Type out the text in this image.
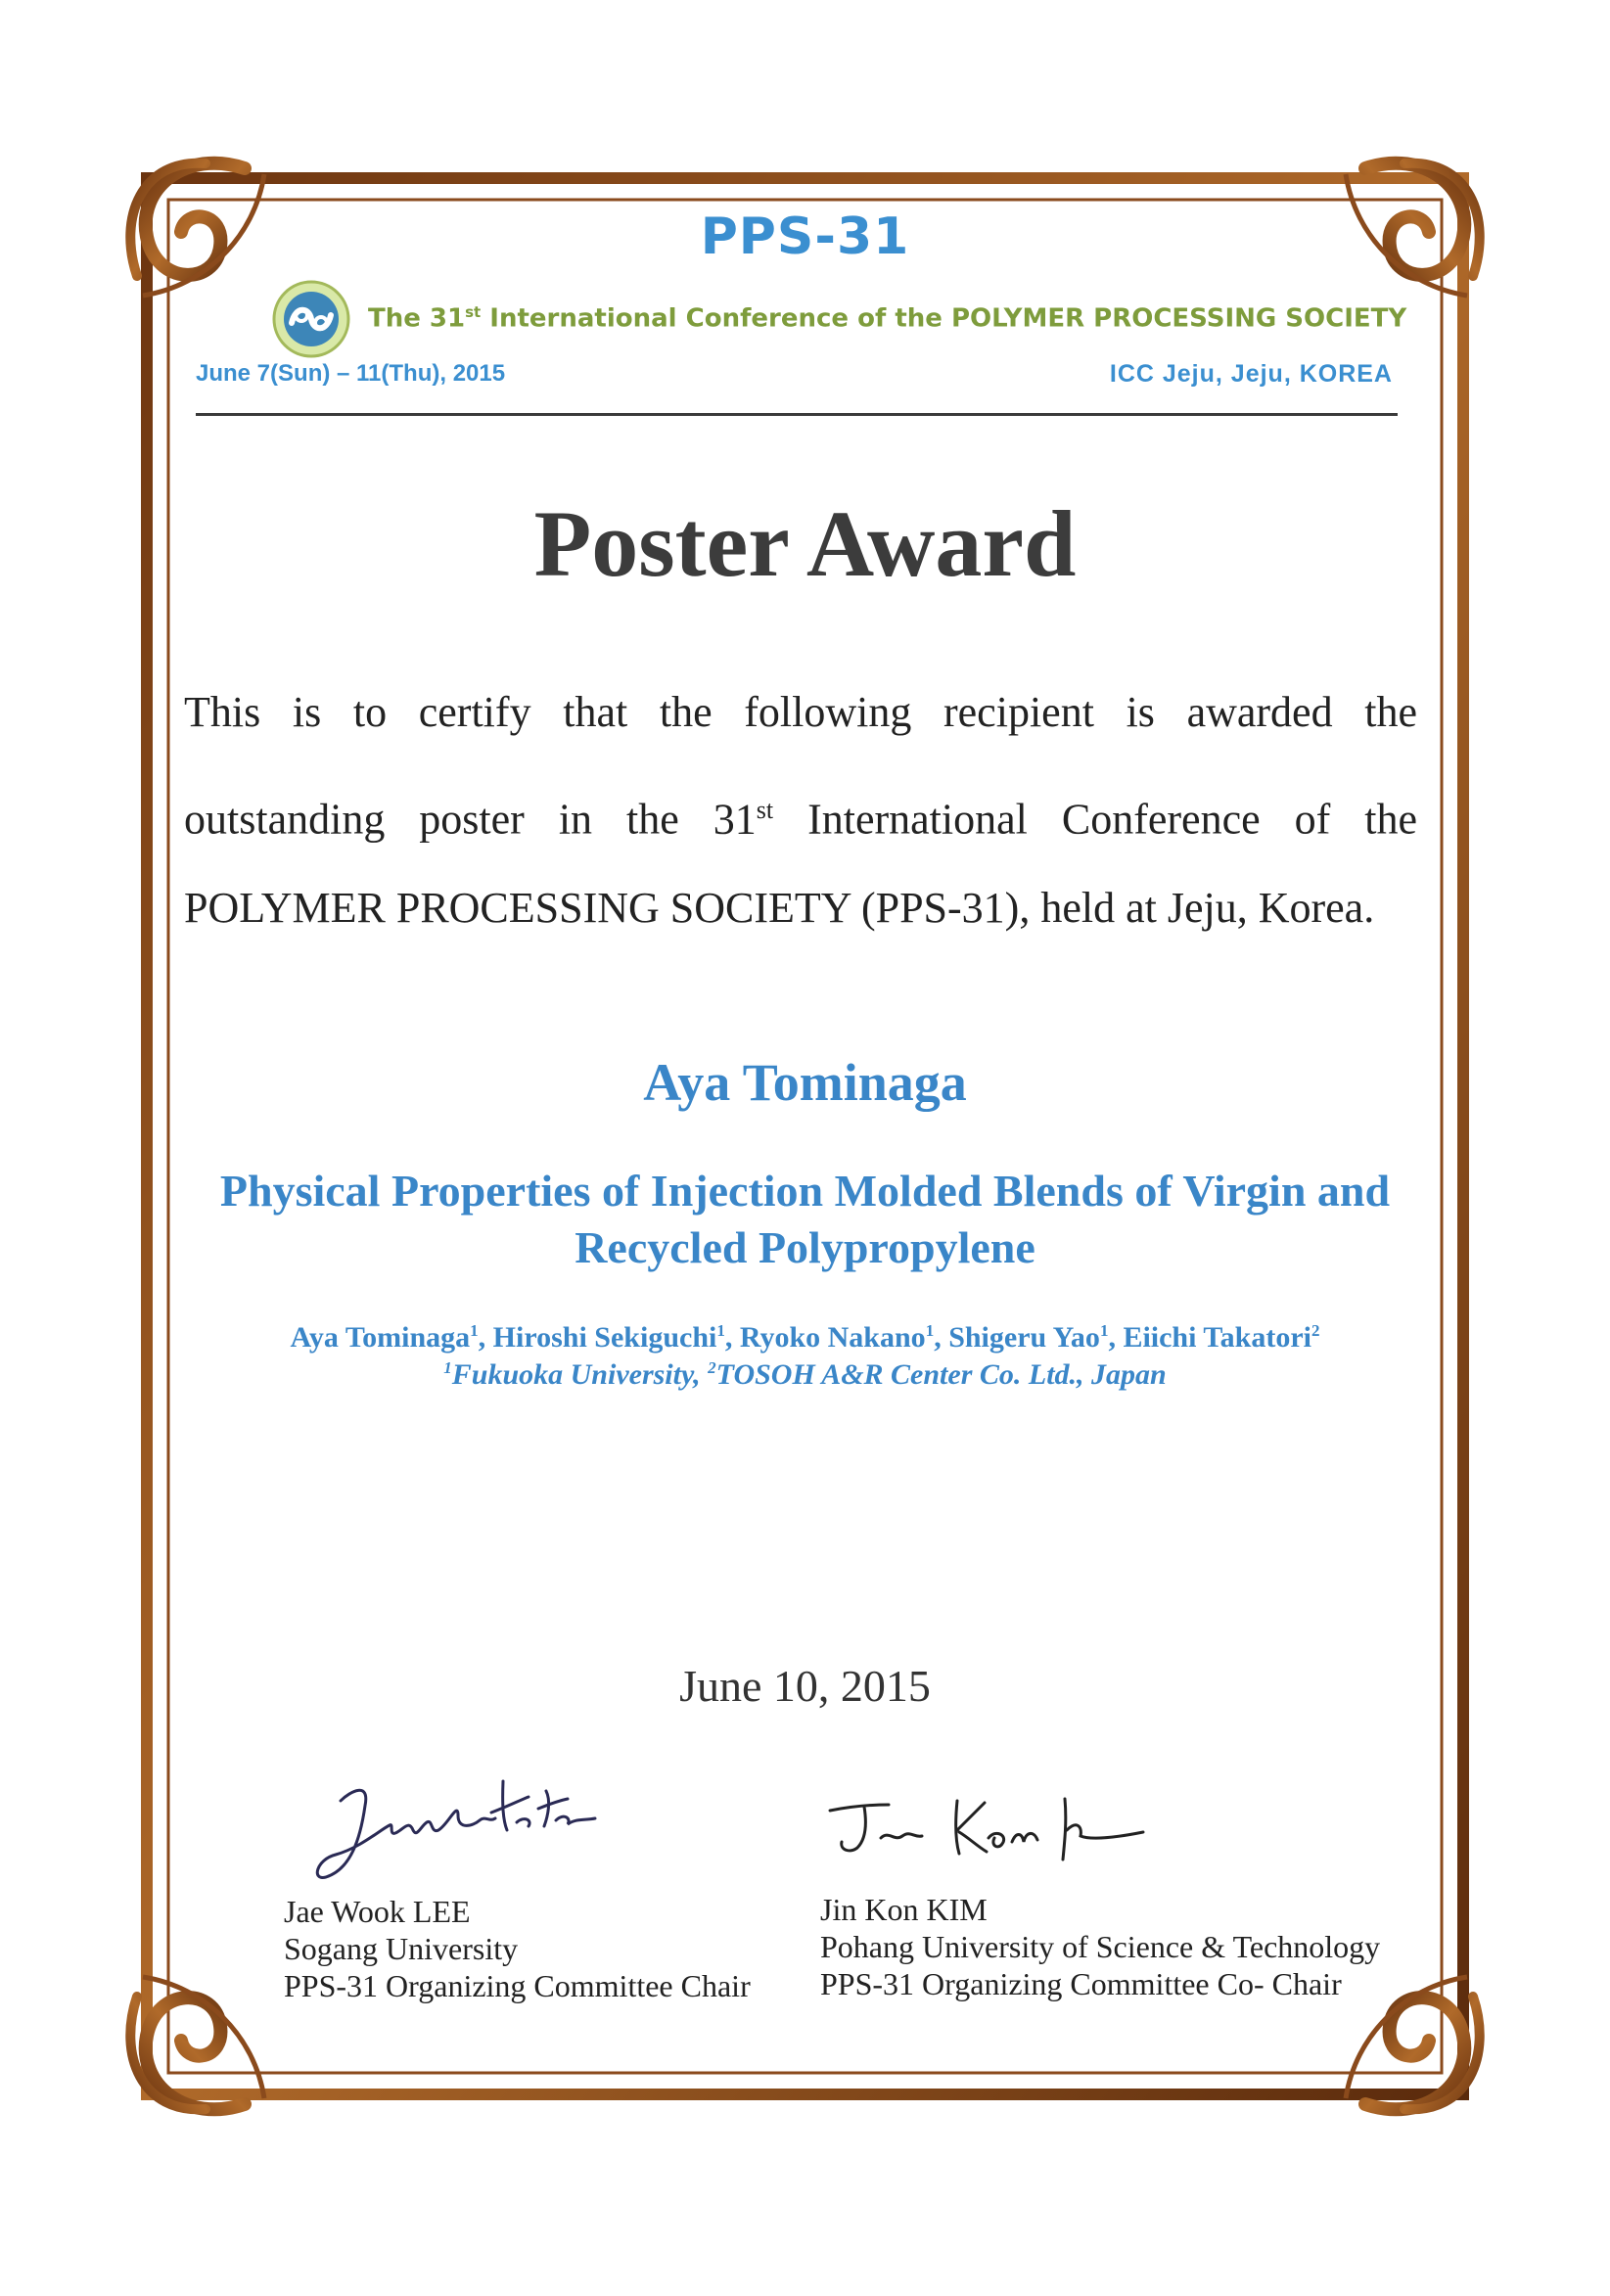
PPS-31
The 31st International Conference of the POLYMER PROCESSING SOCIETY
June 7(Sun) – 11(Thu), 2015	ICC Jeju, Jeju, KOREA
Poster Award
This is to certify that the following recipient is awarded the
outstanding poster in the 31st International Conference of the
POLYMER PROCESSING SOCIETY (PPS-31), held at Jeju, Korea.
Aya Tominaga
Physical Properties of Injection Molded Blends of Virgin and Recycled Polypropylene
Aya Tominaga$^1$, Hiroshi Sekiguchi$^1$, Ryoko Nakano$^1$, Shigeru Yao$^1$, Eiichi Takatori$^2$
$^1$Fukuoka University, $^2$TOSOH A&R Center Co. Ltd., Japan
June 10, 2015
Jae Wook LEE
Sogang University
PPS-31 Organizing Committee Chair
Jin Kon KIM
Pohang University of Science & Technology
PPS-31 Organizing Committee Co- Chair
